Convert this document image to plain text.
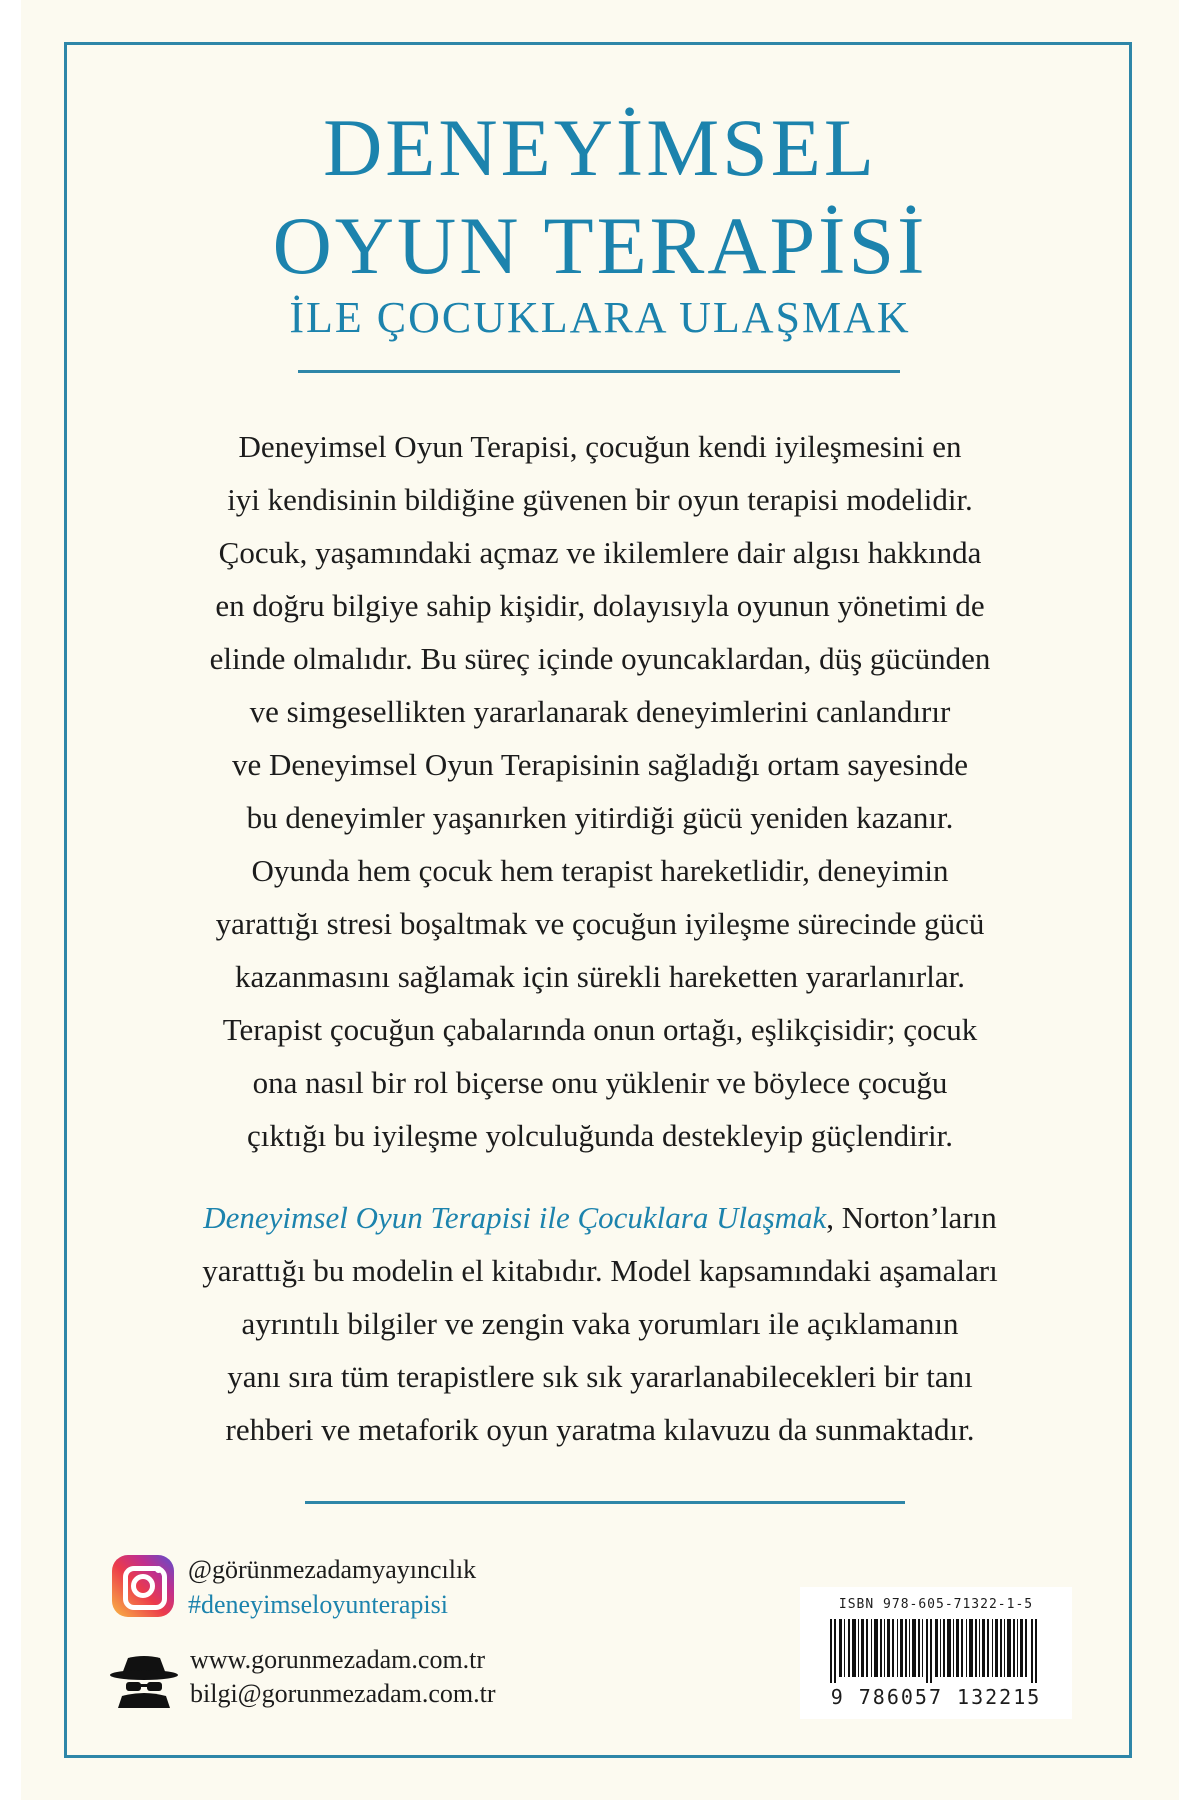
DENEYİMSEL
OYUN TERAPİSİ
İLE ÇOCUKLARA ULAŞMAK
Deneyimsel Oyun Terapisi, çocuğun kendi iyileşmesini en
iyi kendisinin bildiğine güvenen bir oyun terapisi modelidir.
Çocuk, yaşamındaki açmaz ve ikilemlere dair algısı hakkında
en doğru bilgiye sahip kişidir, dolayısıyla oyunun yönetimi de
elinde olmalıdır. Bu süreç içinde oyuncaklardan, düş gücünden
ve simgesellikten yararlanarak deneyimlerini canlandırır
ve Deneyimsel Oyun Terapisinin sağladığı ortam sayesinde
bu deneyimler yaşanırken yitirdiği gücü yeniden kazanır.
Oyunda hem çocuk hem terapist hareketlidir, deneyimin
yarattığı stresi boşaltmak ve çocuğun iyileşme sürecinde gücü
kazanmasını sağlamak için sürekli hareketten yararlanırlar.
Terapist çocuğun çabalarında onun ortağı, eşlikçisidir; çocuk
ona nasıl bir rol biçerse onu yüklenir ve böylece çocuğu
çıktığı bu iyileşme yolculuğunda destekleyip güçlendirir.
Deneyimsel Oyun Terapisi ile Çocuklara Ulaşmak, Norton’ların
yarattığı bu modelin el kitabıdır. Model kapsamındaki aşamaları
ayrıntılı bilgiler ve zengin vaka yorumları ile açıklamanın
yanı sıra tüm terapistlere sık sık yararlanabilecekleri bir tanı
rehberi ve metaforik oyun yaratma kılavuzu da sunmaktadır.
@görünmezadamyayıncılık
#deneyimseloyunterapisi
www.gorunmezadam.com.tr
bilgi@gorunmezadam.com.tr
ISBN 978-605-71322-1-5
9 786057 132215
